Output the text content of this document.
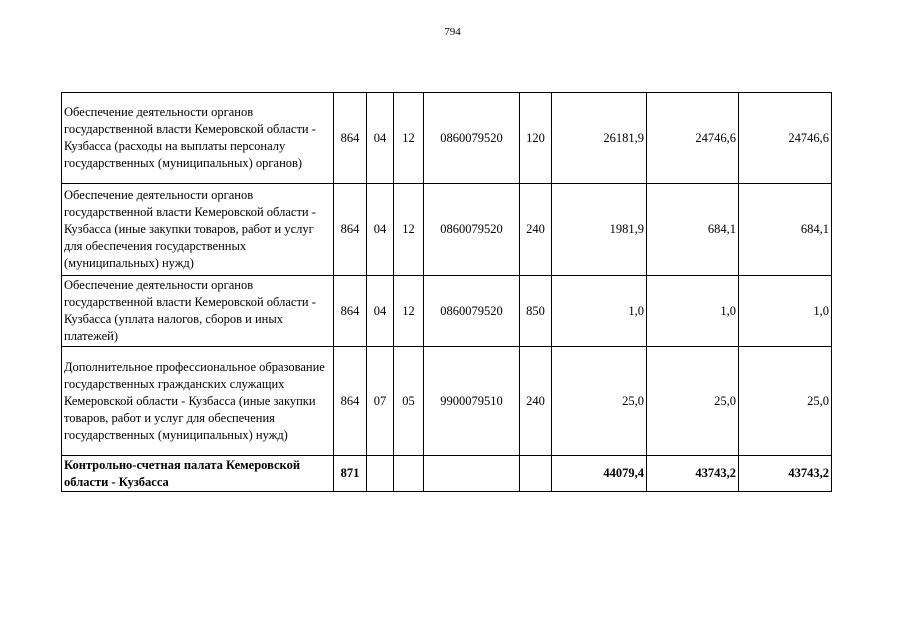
794
Обеспечение деятельности органов государственной власти Кемеровской области - Кузбасса (расходы на выплаты персоналу государственных (муниципальных) органов)	864	04	12	0860079520	120	26181,9	24746,6	24746,6
Обеспечение деятельности органов государственной власти Кемеровской области - Кузбасса (иные закупки товаров, работ и услуг для обеспечения государственных (муниципальных) нужд)	864	04	12	0860079520	240	1981,9	684,1	684,1
Обеспечение деятельности органов государственной власти Кемеровской области - Кузбасса (уплата налогов, сборов и иных платежей)	864	04	12	0860079520	850	1,0	1,0	1,0
Дополнительное профессиональное образование государственных гражданских служащих Кемеровской области - Кузбасса (иные закупки товаров, работ и услуг для обеспечения государственных (муниципальных) нужд)	864	07	05	9900079510	240	25,0	25,0	25,0
Контрольно-счетная палата Кемеровской области - Кузбасса	871					44079,4	43743,2	43743,2
